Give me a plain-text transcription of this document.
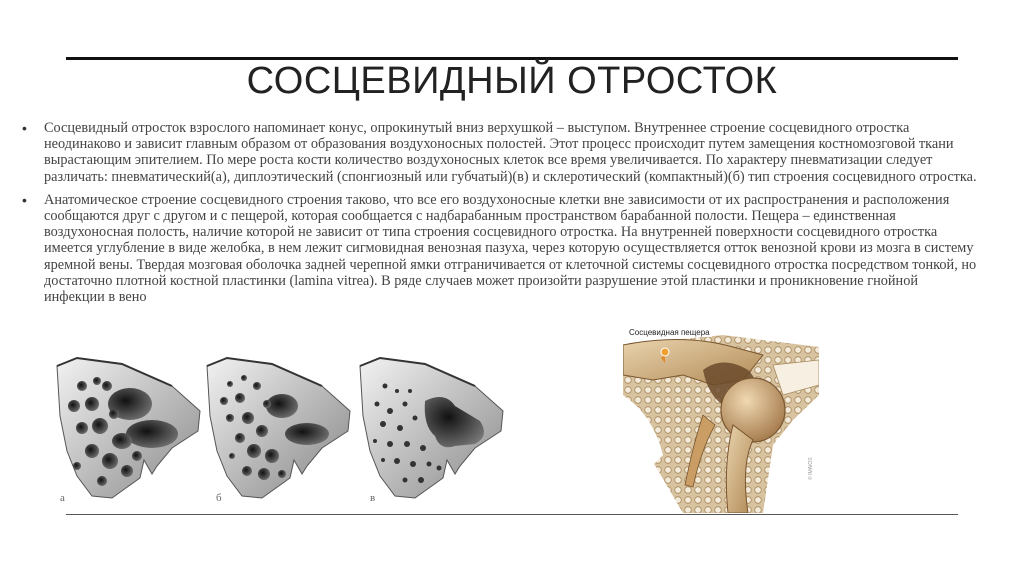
СОСЦЕВИДНЫЙ ОТРОСТОК
• Сосцевидный отросток взрослого напоминает конус, опрокинутый вниз верхушкой – выступом. Внутреннее строение сосцевидного отростка неодинаково и зависит главным образом от образования воздухоносных полостей. Этот процесс происходит путем замещения костномозговой ткани вырастающим эпителием. По мере роста кости количество воздухоносных клеток все время увеличивается. По характеру пневматизации следует различать: пневматический(а), диплоэтический (спонгиозный или губчатый)(в) и склеротический (компактный)(б) тип строения сосцевидного отростка.
• Анатомическое строение сосцевидного строения таково, что все его воздухоносные клетки вне зависимости от их распространения и расположения сообщаются друг с другом и с пещерой, которая сообщается с надбарабанным пространством барабанной полости. Пещера – единственная воздухоносная полость, наличие которой не зависит от типа строения сосцевидного отростка. На внутренней поверхности сосцевидного отростка имеется углубление в виде желобка, в нем лежит сигмовидная венозная пазуха, через которую осуществляется отток венозной крови из мозга в систему яремной вены. Твердая мозговая оболочка задней черепной ямки отграничивается от клеточной системы сосцевидного отростка посредством тонкой, но достаточно плотной костной пластинки (lamina vitrea). В ряде случаев может произойти разрушение этой пластинки и проникновение гнойной инфекции в вено
а	б	в
Сосцевидная пещера
© IMAIOS
